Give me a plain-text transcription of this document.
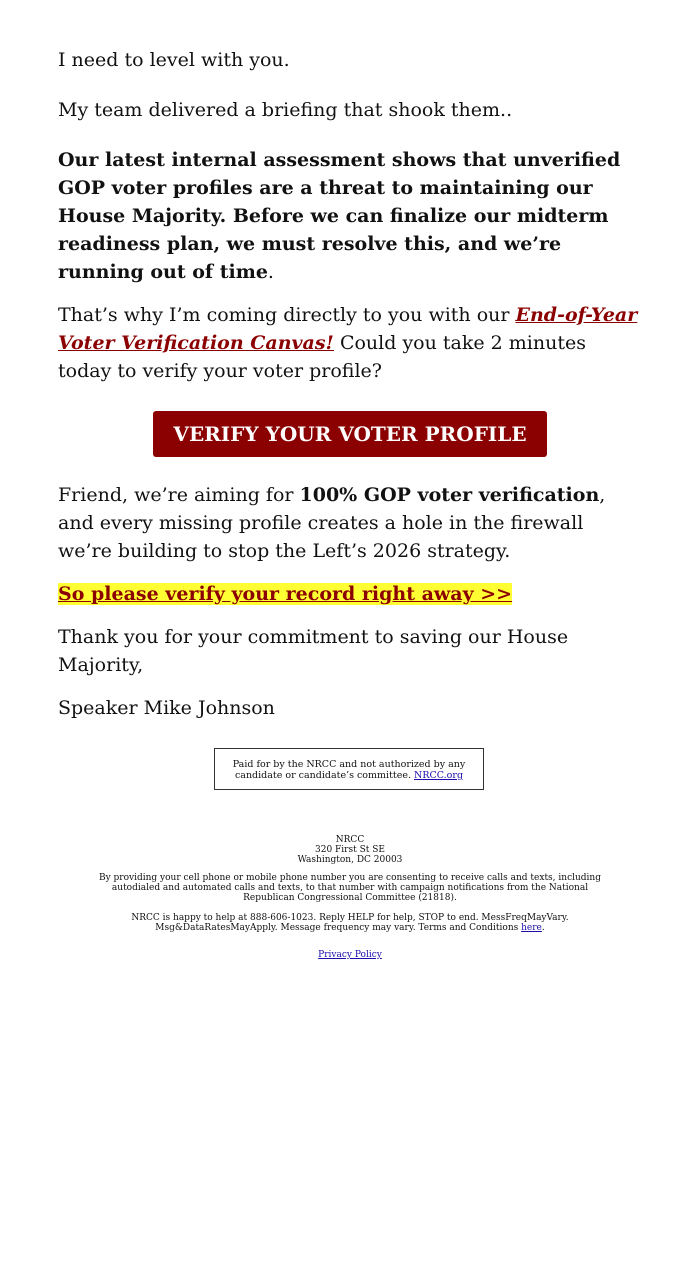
I need to level with you.

My team delivered a briefing that shook them..

Our latest internal assessment shows that unverified GOP voter profiles are a threat to maintaining our House Majority. Before we can finalize our midterm readiness plan, we must resolve this, and we’re running out of time.

That’s why I’m coming directly to you with our End-of-Year Voter Verification Canvas! Could you take 2 minutes today to verify your voter profile?

VERIFY YOUR VOTER PROFILE

Friend, we’re aiming for 100% GOP voter verification, and every missing profile creates a hole in the firewall we’re building to stop the Left’s 2026 strategy.

So please verify your record right away >>

Thank you for your commitment to saving our House Majority,

Speaker Mike Johnson

Paid for by the NRCC and not authorized by any candidate or candidate’s committee. NRCC.org
NRCC
320 First St SE
Washington, DC 20003
By providing your cell phone or mobile phone number you are consenting to receive calls and texts, including autodialed and automated calls and texts, to that number with campaign notifications from the National Republican Congressional Committee (21818).
NRCC is happy to help at 888-606-1023. Reply HELP for help, STOP to end. MessFreqMayVary. Msg&DataRatesMayApply. Message frequency may vary. Terms and Conditions here.
Privacy Policy
